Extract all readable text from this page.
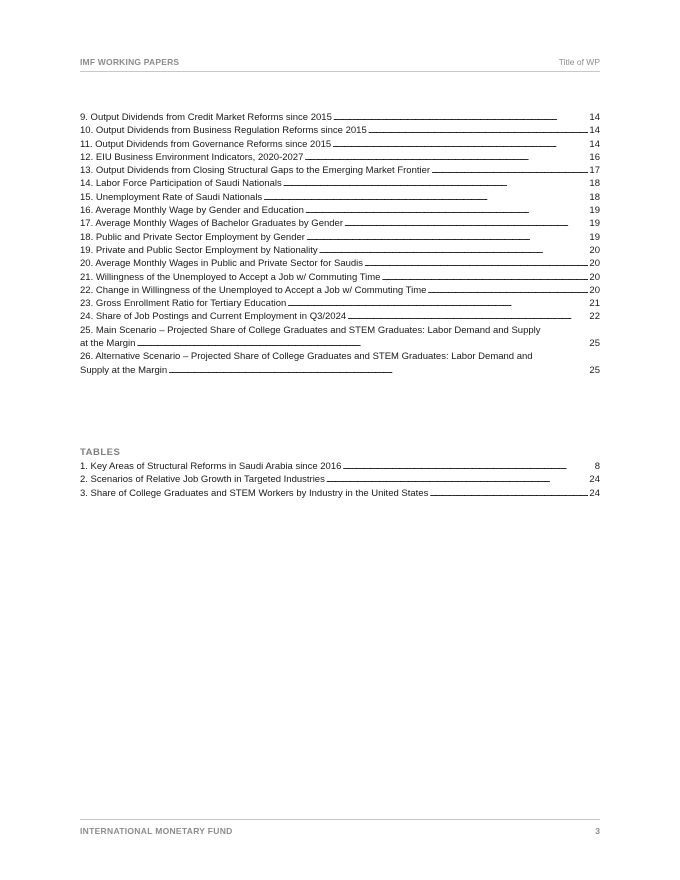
IMF WORKING PAPERS	Title of WP
9. Output Dividends from Credit Market Reforms since 2015 . . .	14
10. Output Dividends from Business Regulation Reforms since 2015 . . .	14
11. Output Dividends from Governance Reforms since 2015 . . .	14
12. EIU Business Environment Indicators, 2020-2027 . . .	16
13. Output Dividends from Closing Structural Gaps to the Emerging Market Frontier . . .	17
14. Labor Force Participation of Saudi Nationals . . .	18
15. Unemployment Rate of Saudi Nationals . . .	18
16. Average Monthly Wage by Gender and Education . . .	19
17. Average Monthly Wages of Bachelor Graduates by Gender . . .	19
18. Public and Private Sector Employment by Gender . . .	19
19. Private and Public Sector Employment by Nationality . . .	20
20. Average Monthly Wages in Public and Private Sector for Saudis . . .	20
21. Willingness of the Unemployed to Accept a Job w/ Commuting Time . . .	20
22. Change in Willingness of the Unemployed to Accept a Job w/ Commuting Time . . .	20
23. Gross Enrollment Ratio for Tertiary Education . . .	21
24. Share of Job Postings and Current Employment in Q3/2024 . . .	22
25. Main Scenario – Projected Share of College Graduates and STEM Graduates: Labor Demand and Supply
at the Margin . . .	25
26. Alternative Scenario – Projected Share of College Graduates and STEM Graduates: Labor Demand and
Supply at the Margin . . .	25
TABLES
1. Key Areas of Structural Reforms in Saudi Arabia since 2016 . . .	8
2. Scenarios of Relative Job Growth in Targeted Industries . . .	24
3. Share of College Graduates and STEM Workers by Industry in the United States . . .	24
INTERNATIONAL MONETARY FUND	3
